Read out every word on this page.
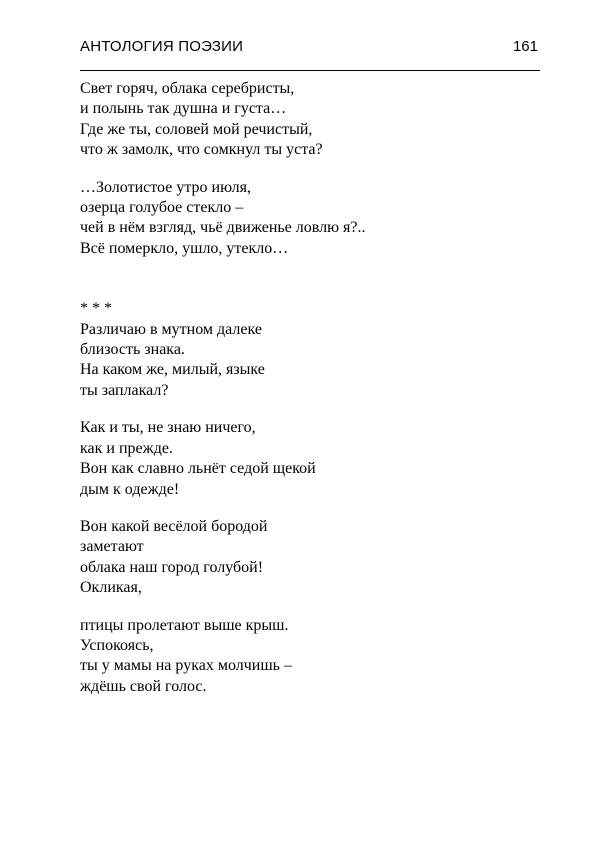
АНТОЛОГИЯ ПОЭЗИИ	161
Свет горяч, облака серебристы,
и полынь так душна и густа…
Где же ты, соловей мой речистый,
что ж замолк, что сомкнул ты уста?
…Золотистое утро июля,
озерца голубое стекло –
чей в нём взгляд, чьё движенье ловлю я?..
Всё померкло, ушло, утекло…
* * *
Различаю в мутном далеке
близость знака.
На каком же, милый, языке
ты заплакал?
Как и ты, не знаю ничего,
как и прежде.
Вон как славно льнёт седой щекой
дым к одежде!
Вон какой весёлой бородой
заметают
облака наш город голубой!
Окликая,
птицы пролетают выше крыш.
Успокоясь,
ты у мамы на руках молчишь –
ждёшь свой голос.
